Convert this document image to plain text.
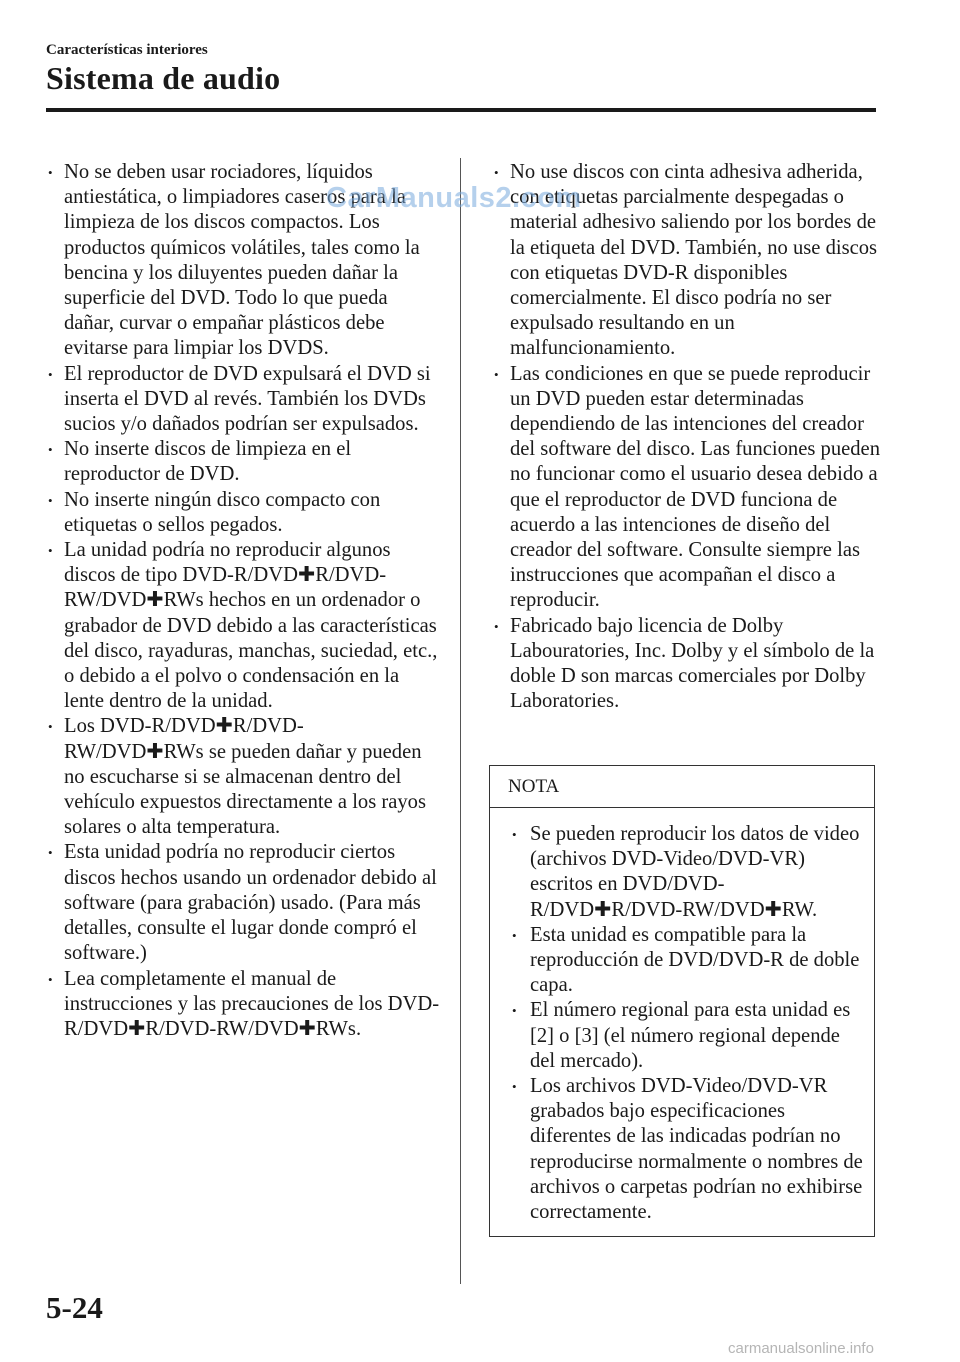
Características interiores
Sistema de audio
• No se deben usar rociadores, líquidos antiestática, o limpiadores caseros para la limpieza de los discos compactos. Los productos químicos volátiles, tales como la bencina y los diluyentes pueden dañar la superficie del DVD. Todo lo que pueda dañar, curvar o empañar plásticos debe evitarse para limpiar los DVDS.
• El reproductor de DVD expulsará el DVD si inserta el DVD al revés. También los DVDs sucios y/o dañados podrían ser expulsados.
• No inserte discos de limpieza en el reproductor de DVD.
• No inserte ningún disco compacto con etiquetas o sellos pegados.
• La unidad podría no reproducir algunos discos de tipo DVD-R/DVD✚R/DVD-RW/DVD✚RWs hechos en un ordenador o grabador de DVD debido a las características del disco, rayaduras, manchas, suciedad, etc., o debido a el polvo o condensación en la lente dentro de la unidad.
• Los DVD-R/DVD✚R/DVD-RW/DVD✚RWs se pueden dañar y pueden no escucharse si se almacenan dentro del vehículo expuestos directamente a los rayos solares o alta temperatura.
• Esta unidad podría no reproducir ciertos discos hechos usando un ordenador debido al software (para grabación) usado. (Para más detalles, consulte el lugar donde compró el software.)
• Lea completamente el manual de instrucciones y las precauciones de los DVD-R/DVD✚R/DVD-RW/DVD✚RWs.
• No use discos con cinta adhesiva adherida, con etiquetas parcialmente despegadas o material adhesivo saliendo por los bordes de la etiqueta del DVD. También, no use discos con etiquetas DVD-R disponibles comercialmente. El disco podría no ser expulsado resultando en un malfuncionamiento.
• Las condiciones en que se puede reproducir un DVD pueden estar determinadas dependiendo de las intenciones del creador del software del disco. Las funciones pueden no funcionar como el usuario desea debido a que el reproductor de DVD funciona de acuerdo a las intenciones de diseño del creador del software. Consulte siempre las instrucciones que acompañan el disco a reproducir.
• Fabricado bajo licencia de Dolby Labouratories, Inc. Dolby y el símbolo de la doble D son marcas comerciales por Dolby Laboratories.
NOTA
• Se pueden reproducir los datos de video (archivos DVD-Video/DVD-VR) escritos en DVD/DVD-R/DVD✚R/DVD-RW/DVD✚RW.
• Esta unidad es compatible para la reproducción de DVD/DVD-R de doble capa.
• El número regional para esta unidad es [2] o [3] (el número regional depende del mercado).
• Los archivos DVD-Video/DVD-VR grabados bajo especificaciones diferentes de las indicadas podrían no reproducirse normalmente o nombres de archivos o carpetas podrían no exhibirse correctamente.
CarManuals2.com
5-24
carmanualsonline.info
